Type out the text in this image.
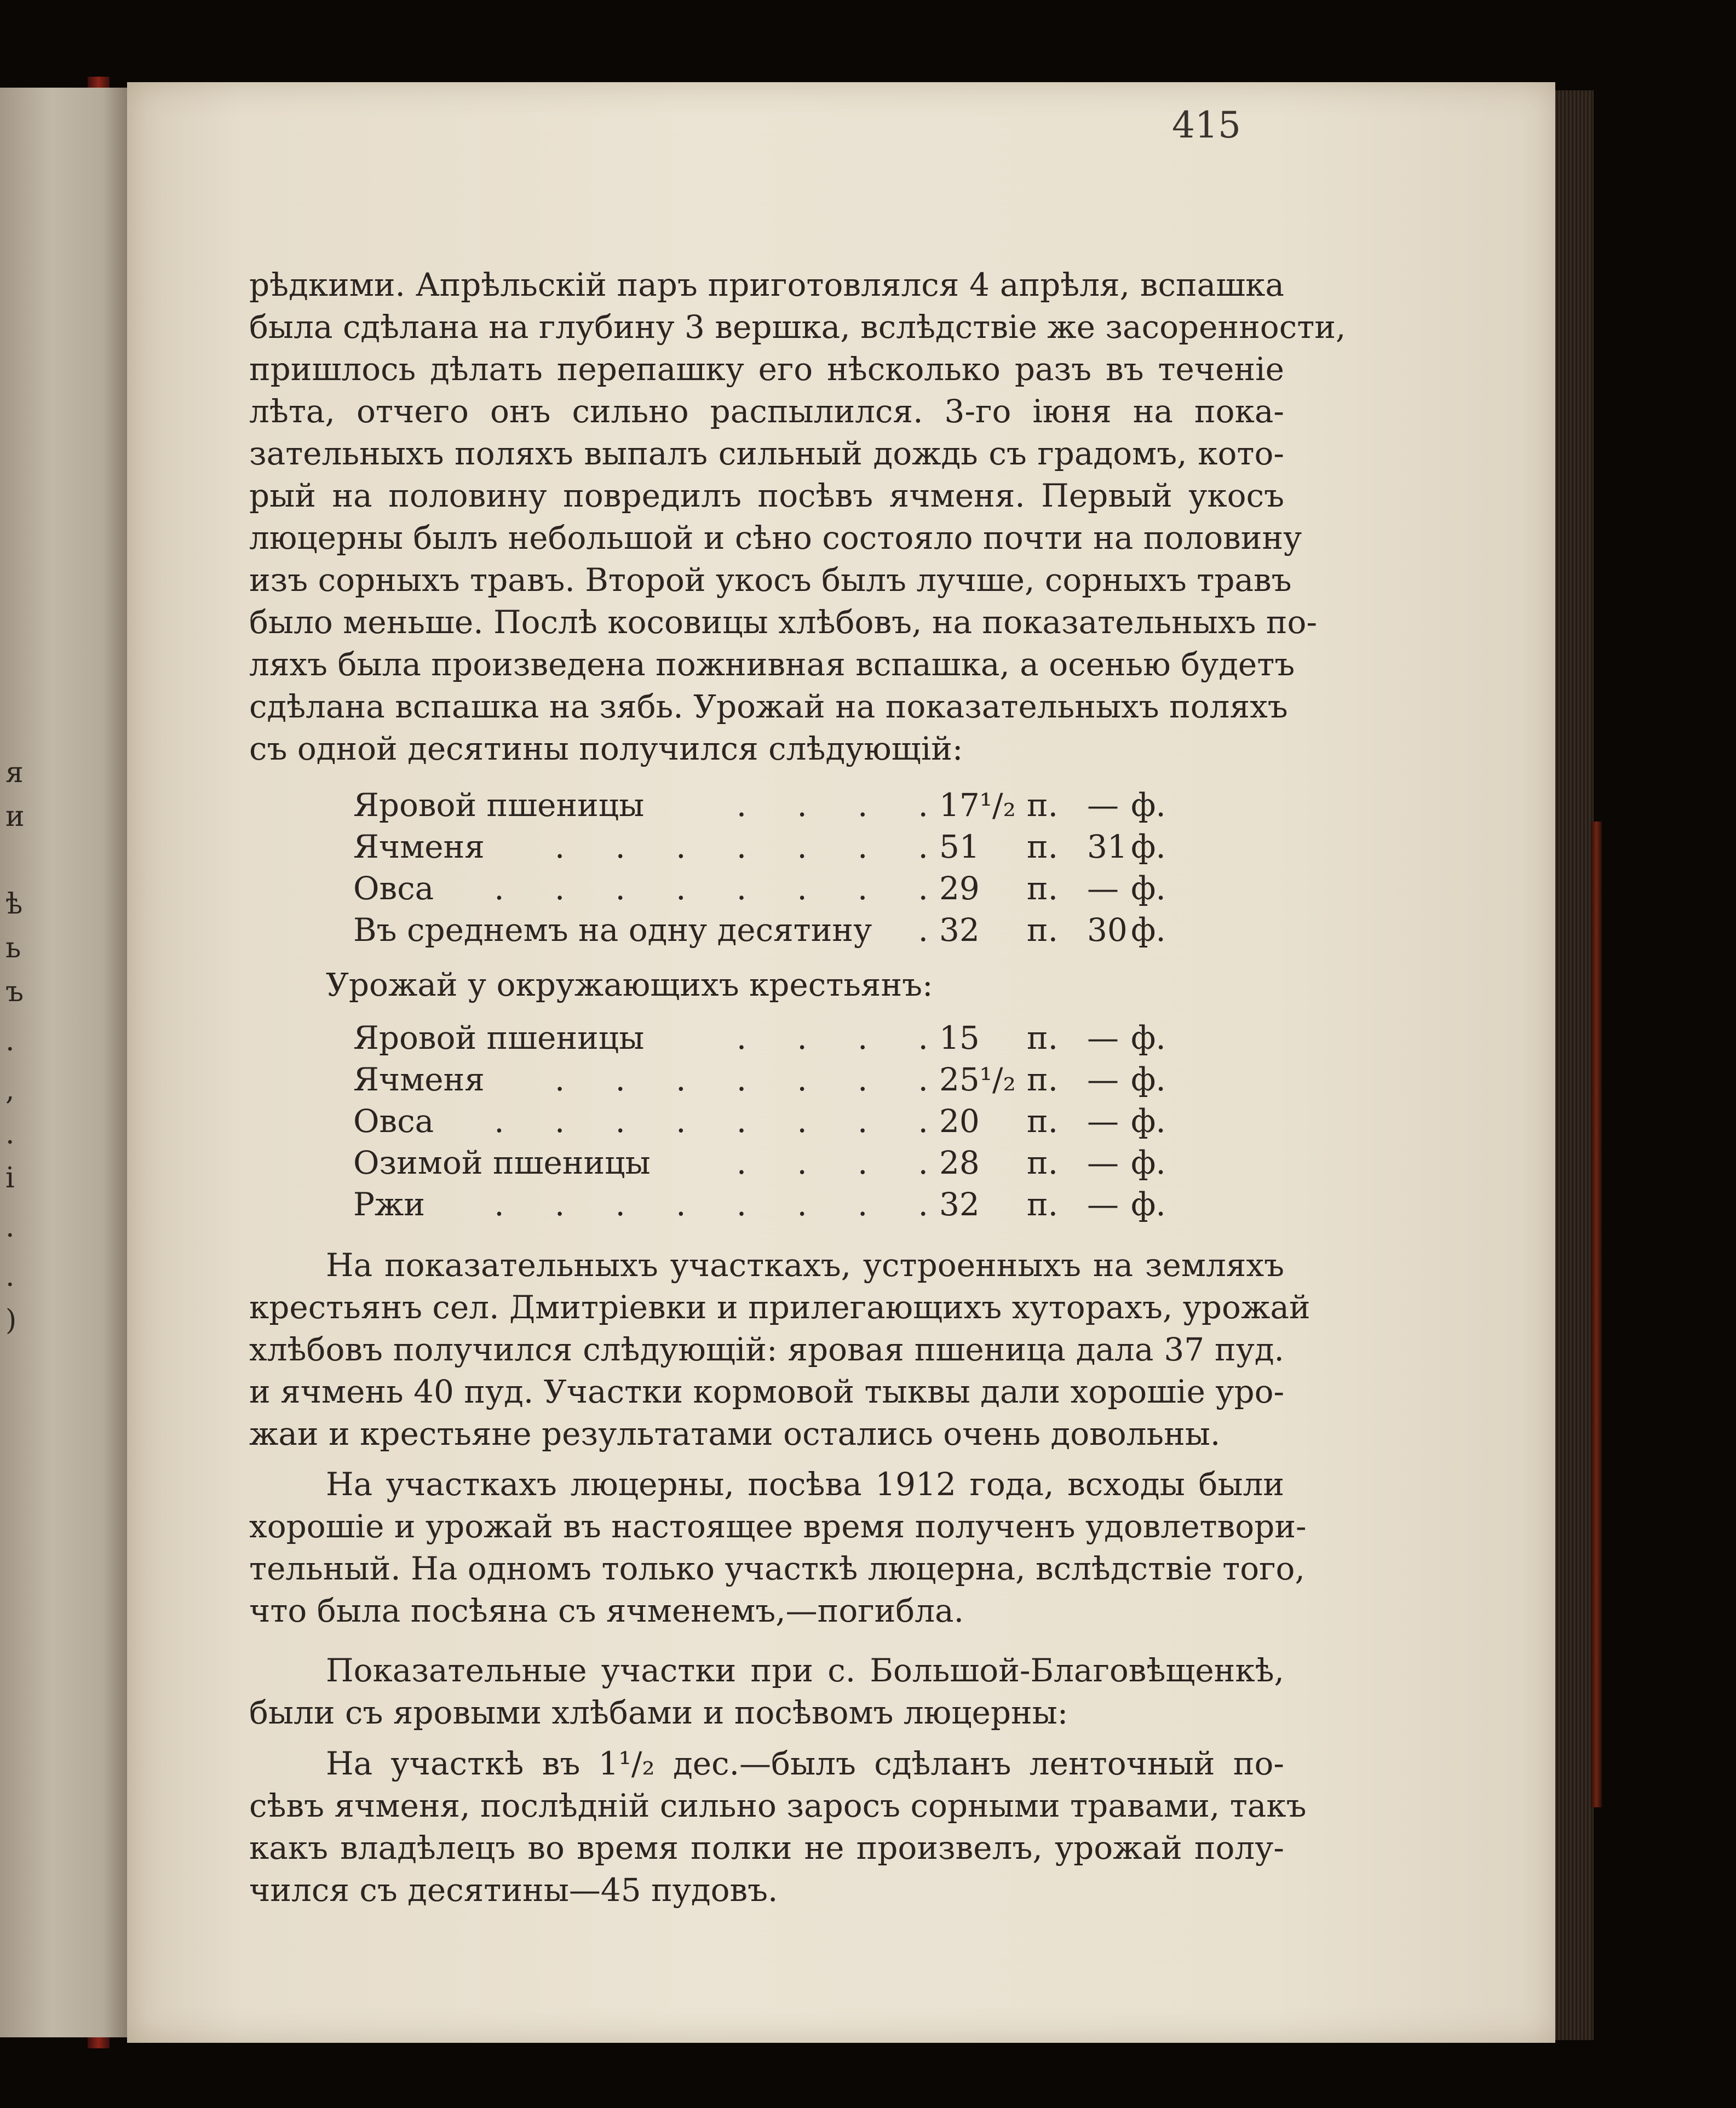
я
и
ѣ
ь
ъ
.
,
.
і
.
.
)
415
рѣдкими. Апрѣльскій паръ приготовлялся 4 апрѣля, вспашка
была сдѣлана на глубину 3 вершка, вслѣдствіе же засоренности,
пришлось дѣлать перепашку его нѣсколько разъ въ теченіе
лѣта, отчего онъ сильно распылился. 3-го іюня на пока-
зательныхъ поляхъ выпалъ сильный дождь съ градомъ, кото-
рый на половину повредилъ посѣвъ ячменя. Первый укосъ
люцерны былъ небольшой и сѣно состояло почти на половину
изъ сорныхъ травъ. Второй укосъ былъ лучше, сорныхъ травъ
было меньше. Послѣ косовицы хлѣбовъ, на показательныхъ по-
ляхъ была произведена пожнивная вспашка, а осенью будетъ
сдѣлана вспашка на зябь. Урожай на показательныхъ поляхъ
съ одной десятины получился слѣдующій:
Яровой пшеницы	.     .     .     . 17¹/₂ п. — ф.
Ячменя .     .     .     .     .     .     . 51 п. 31 ф.
Овса .     .     .     .     .     .     .     . 29 п. — ф.
Въ среднемъ на одну десятину . 32 п. 30 ф.
Урожай у окружающихъ крестьянъ:
Яровой пшеницы	.     .     .     . 15 п. — ф.
Ячменя .     .     .     .     .     .     . 25¹/₂ п. — ф.
Овса .     .     .     .     .     .     .     . 20 п. — ф.
Озимой пшеницы	.     .     .     . 28 п. — ф.
Ржи .     .     .     .     .     .     .     . 32 п. — ф.
На показательныхъ участкахъ, устроенныхъ на земляхъ
крестьянъ сел. Дмитріевки и прилегающихъ хуторахъ, урожай
хлѣбовъ получился слѣдующій: яровая пшеница дала 37 пуд.
и ячмень 40 пуд. Участки кормовой тыквы дали хорошіе уро-
жаи и крестьяне результатами остались очень довольны.
На участкахъ люцерны, посѣва 1912 года, всходы были
хорошіе и урожай въ настоящее время полученъ удовлетвори-
тельный. На одномъ только участкѣ люцерна, вслѣдствіе того,
что была посѣяна съ ячменемъ,—погибла.
Показательные участки при с. Большой-Благовѣщенкѣ,
были съ яровыми хлѣбами и посѣвомъ люцерны:
На участкѣ въ 1¹/₂ дес.—былъ сдѣланъ ленточный по-
сѣвъ ячменя, послѣдній сильно заросъ сорными травами, такъ
какъ владѣлецъ во время полки не произвелъ, урожай полу-
чился съ десятины—45 пудовъ.
